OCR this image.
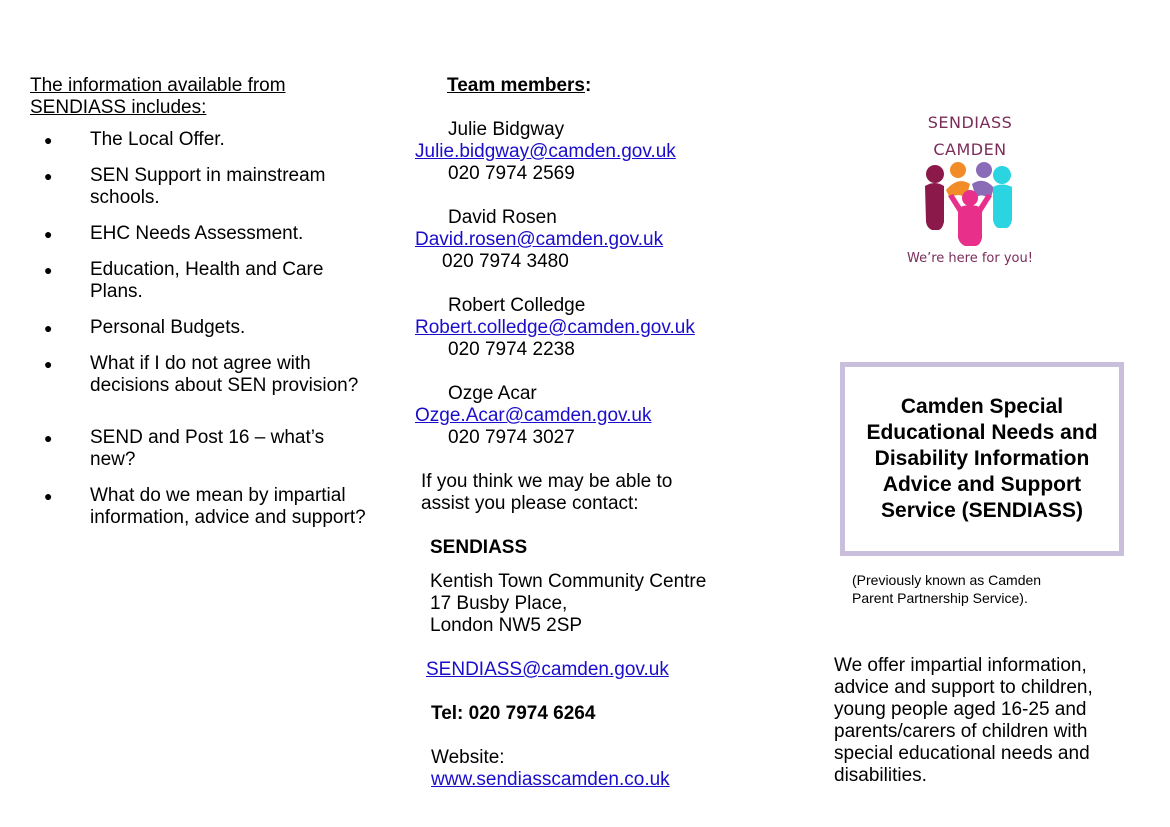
The information available from
SENDIASS includes:
● The Local Offer.
● SEN Support in mainstream schools.
● EHC Needs Assessment.
● Education, Health and Care Plans.
● Personal Budgets.
● What if I do not agree with decisions about SEN provision?
● SEND and Post 16 – what’s new?
● What do we mean by impartial information, advice and support?
Team members:
Julie Bidgway
Julie.bidgway@camden.gov.uk
020 7974 2569
David Rosen
David.rosen@camden.gov.uk
020 7974 3480
Robert Colledge
Robert.colledge@camden.gov.uk
020 7974 2238
Ozge Acar
Ozge.Acar@camden.gov.uk
020 7974 3027
If you think we may be able to
assist you please contact:
SENDIASS
Kentish Town Community Centre
17 Busby Place,
London NW5 2SP
SENDIASS@camden.gov.uk
Tel: 020 7974 6264
Website:
www.sendiasscamden.co.uk
SENDIASS
CAMDEN
We’re here for you!
Camden Special Educational Needs and Disability Information Advice and Support Service (SENDIASS)
(Previously known as Camden Parent Partnership Service).
We offer impartial information, advice and support to children, young people aged 16-25 and parents/carers of children with special educational needs and disabilities.
